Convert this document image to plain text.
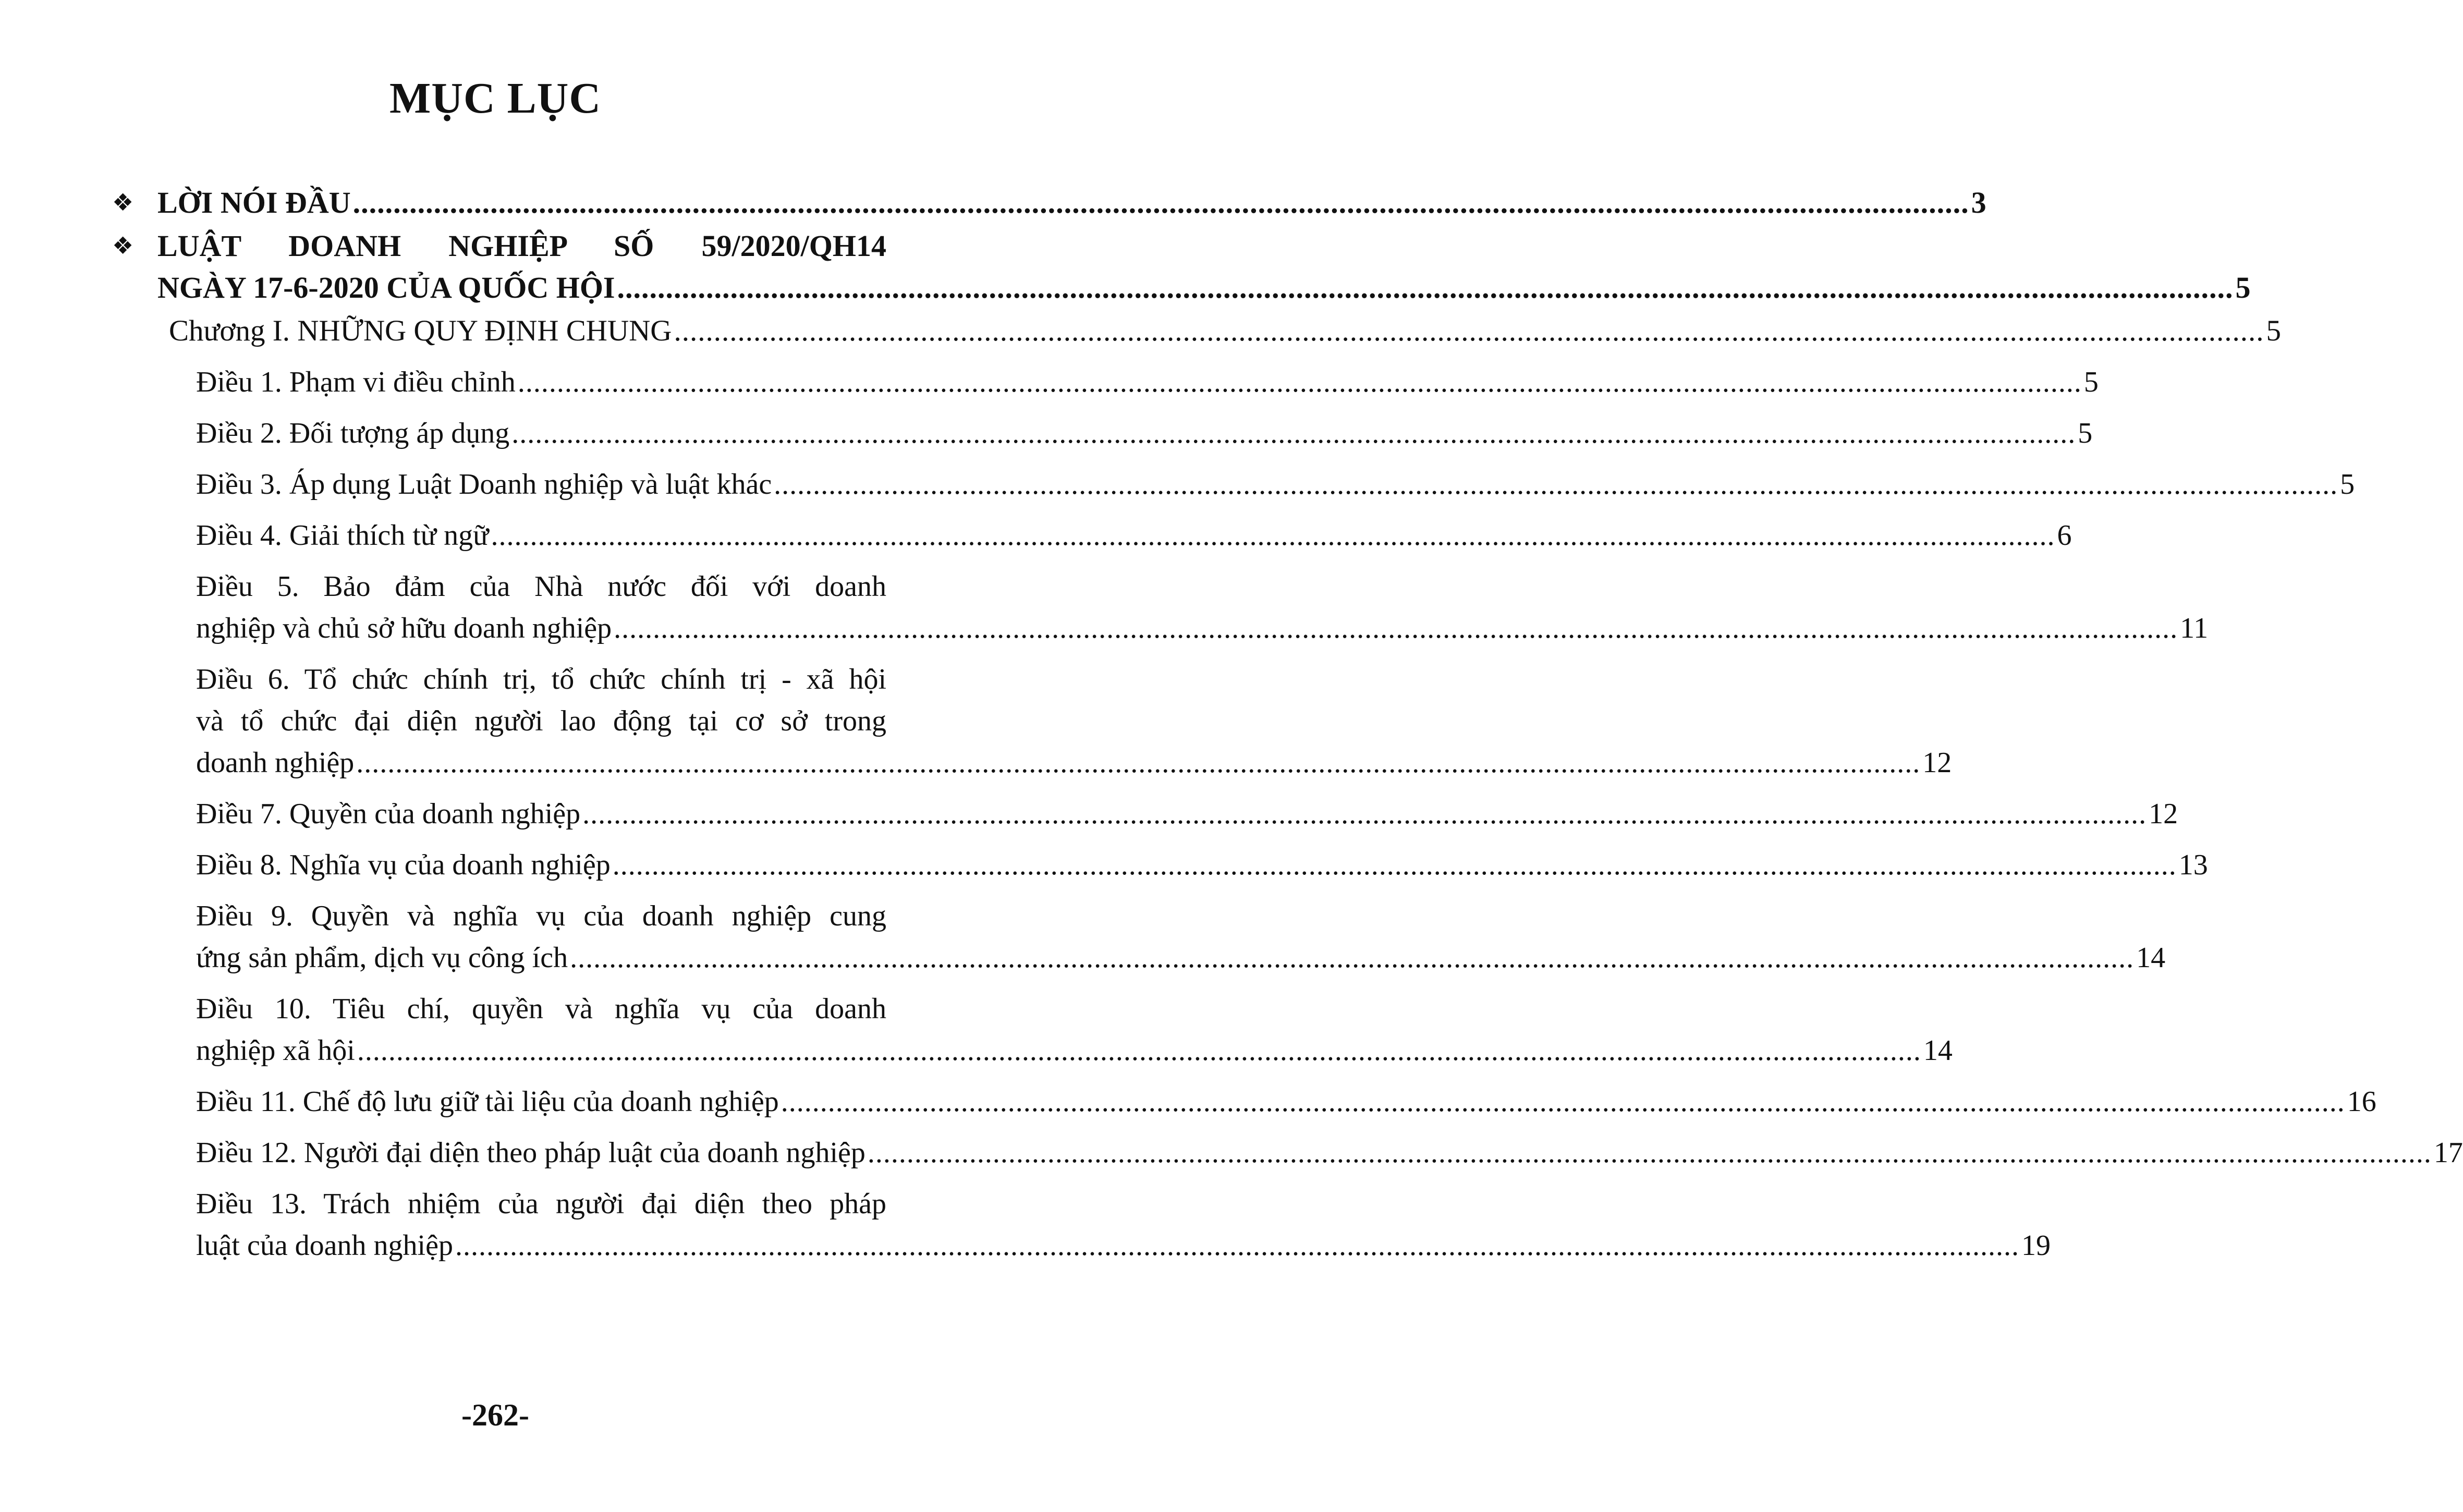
MỤC LỤC
❖ LỜI NÓI ĐẦU ........................................................................................................................................................................................................ 3
❖ LUẬT DOANH NGHIỆP SỐ 59/2020/QH14
NGÀY 17-6-2020 CỦA QUỐC HỘI ........................................................................................................................................................................................................ 5
Chương I. NHỮNG QUY ĐỊNH CHUNG ........................................................................................................................................................................................................ 5
Điều 1. Phạm vi điều chỉnh ........................................................................................................................................................................................................ 5
Điều 2. Đối tượng áp dụng ........................................................................................................................................................................................................ 5
Điều 3. Áp dụng Luật Doanh nghiệp và luật khác ........................................................................................................................................................................................................ 5
Điều 4. Giải thích từ ngữ ........................................................................................................................................................................................................ 6
Điều 5. Bảo đảm của Nhà nước đối với doanh
nghiệp và chủ sở hữu doanh nghiệp ........................................................................................................................................................................................................ 11
Điều 6. Tổ chức chính trị, tổ chức chính trị - xã hội
và tổ chức đại diện người lao động tại cơ sở trong
doanh nghiệp ........................................................................................................................................................................................................ 12
Điều 7. Quyền của doanh nghiệp ........................................................................................................................................................................................................ 12
Điều 8. Nghĩa vụ của doanh nghiệp ........................................................................................................................................................................................................ 13
Điều 9. Quyền và nghĩa vụ của doanh nghiệp cung
ứng sản phẩm, dịch vụ công ích ........................................................................................................................................................................................................ 14
Điều 10. Tiêu chí, quyền và nghĩa vụ của doanh
nghiệp xã hội ........................................................................................................................................................................................................ 14
Điều 11. Chế độ lưu giữ tài liệu của doanh nghiệp ........................................................................................................................................................................................................ 16
Điều 12. Người đại diện theo pháp luật của doanh nghiệp ........................................................................................................................................................................................................ 17
Điều 13. Trách nhiệm của người đại diện theo pháp
luật của doanh nghiệp ........................................................................................................................................................................................................ 19
-262-
